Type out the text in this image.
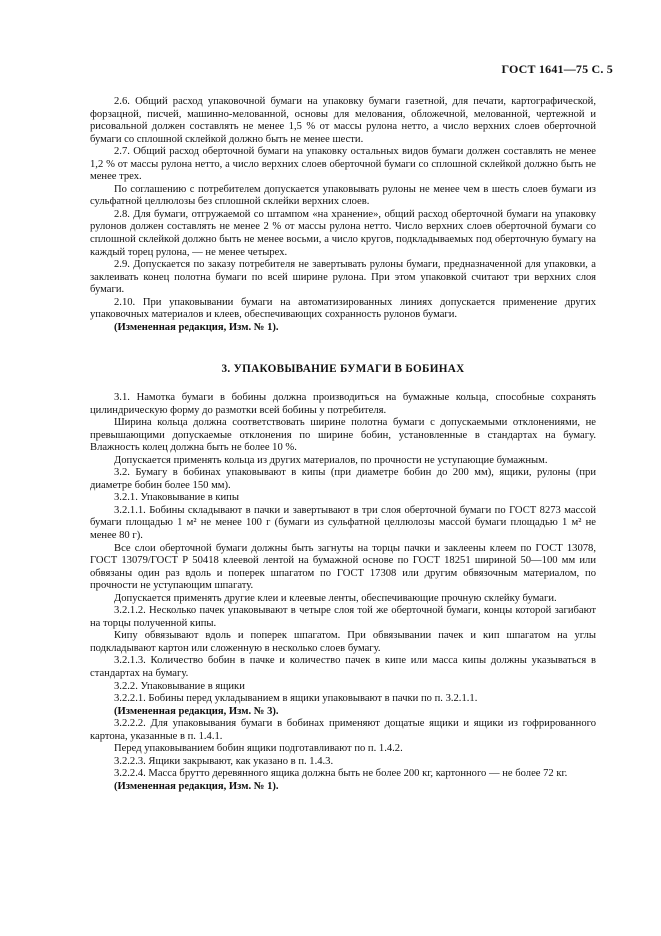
ГОСТ 1641—75 С. 5

2.6. Общий расход упаковочной бумаги на упаковку бумаги газетной, для печати, картографической, форзацной, писчей, машинно-мелованной, основы для мелования, обложечной, мелованной, чертежной и рисовальной должен составлять не менее 1,5 % от массы рулона нетто, а число верхних слоев оберточной бумаги со сплошной склейкой должно быть не менее шести.

2.7. Общий расход оберточной бумаги на упаковку остальных видов бумаги должен составлять не менее 1,2 % от массы рулона нетто, а число верхних слоев оберточной бумаги со сплошной склейкой должно быть не менее трех.

По соглашению с потребителем допускается упаковывать рулоны не менее чем в шесть слоев бумаги из сульфатной целлюлозы без сплошной склейки верхних слоев.

2.8. Для бумаги, отгружаемой со штампом «на хранение», общий расход оберточной бумаги на упаковку рулонов должен составлять не менее 2 % от массы рулона нетто. Число верхних слоев оберточной бумаги со сплошной склейкой должно быть не менее восьми, а число кругов, подкладываемых под оберточную бумагу на каждый торец рулона, — не менее четырех.

2.9. Допускается по заказу потребителя не завертывать рулоны бумаги, предназначенной для упаковки, а заклеивать конец полотна бумаги по всей ширине рулона. При этом упаковкой считают три верхних слоя бумаги.

2.10. При упаковывании бумаги на автоматизированных линиях допускается применение других упаковочных материалов и клеев, обеспечивающих сохранность рулонов бумаги.

(Измененная редакция, Изм. № 1).

3. УПАКОВЫВАНИЕ БУМАГИ В БОБИНАХ

3.1. Намотка бумаги в бобины должна производиться на бумажные кольца, способные сохранять цилиндрическую форму до размотки всей бобины у потребителя.

Ширина кольца должна соответствовать ширине полотна бумаги с допускаемыми отклонениями, не превышающими допускаемые отклонения по ширине бобин, установленные в стандартах на бумагу. Влажность колец должна быть не более 10 %.

Допускается применять кольца из других материалов, по прочности не уступающие бумажным.

3.2. Бумагу в бобинах упаковывают в кипы (при диаметре бобин до 200 мм), ящики, рулоны (при диаметре бобин более 150 мм).

3.2.1. Упаковывание в кипы

3.2.1.1. Бобины складывают в пачки и завертывают в три слоя оберточной бумаги по ГОСТ 8273 массой бумаги площадью 1 м² не менее 100 г (бумаги из сульфатной целлюлозы массой бумаги площадью 1 м² не менее 80 г).

Все слои оберточной бумаги должны быть загнуты на торцы пачки и заклеены клеем по ГОСТ 13078, ГОСТ 13079/ГОСТ Р 50418 клеевой лентой на бумажной основе по ГОСТ 18251 шириной 50—100 мм или обвязаны один раз вдоль и поперек шпагатом по ГОСТ 17308 или другим обвязочным материалом, по прочности не уступающим шпагату.

Допускается применять другие клеи и клеевые ленты, обеспечивающие прочную склейку бумаги.

3.2.1.2. Несколько пачек упаковывают в четыре слоя той же оберточной бумаги, концы которой загибают на торцы полученной кипы.

Кипу обвязывают вдоль и поперек шпагатом. При обвязывании пачек и кип шпагатом на углы подкладывают картон или сложенную в несколько слоев бумагу.

3.2.1.3. Количество бобин в пачке и количество пачек в кипе или масса кипы должны указываться в стандартах на бумагу.

3.2.2. Упаковывание в ящики

3.2.2.1. Бобины перед укладыванием в ящики упаковывают в пачки по п. 3.2.1.1.

(Измененная редакция, Изм. № 3).

3.2.2.2. Для упаковывания бумаги в бобинах применяют дощатые ящики и ящики из гофрированного картона, указанные в п. 1.4.1.

Перед упаковыванием бобин ящики подготавливают по п. 1.4.2.

3.2.2.3. Ящики закрывают, как указано в п. 1.4.3.

3.2.2.4. Масса брутто деревянного ящика должна быть не более 200 кг, картонного — не более 72 кг.

(Измененная редакция, Изм. № 1).
